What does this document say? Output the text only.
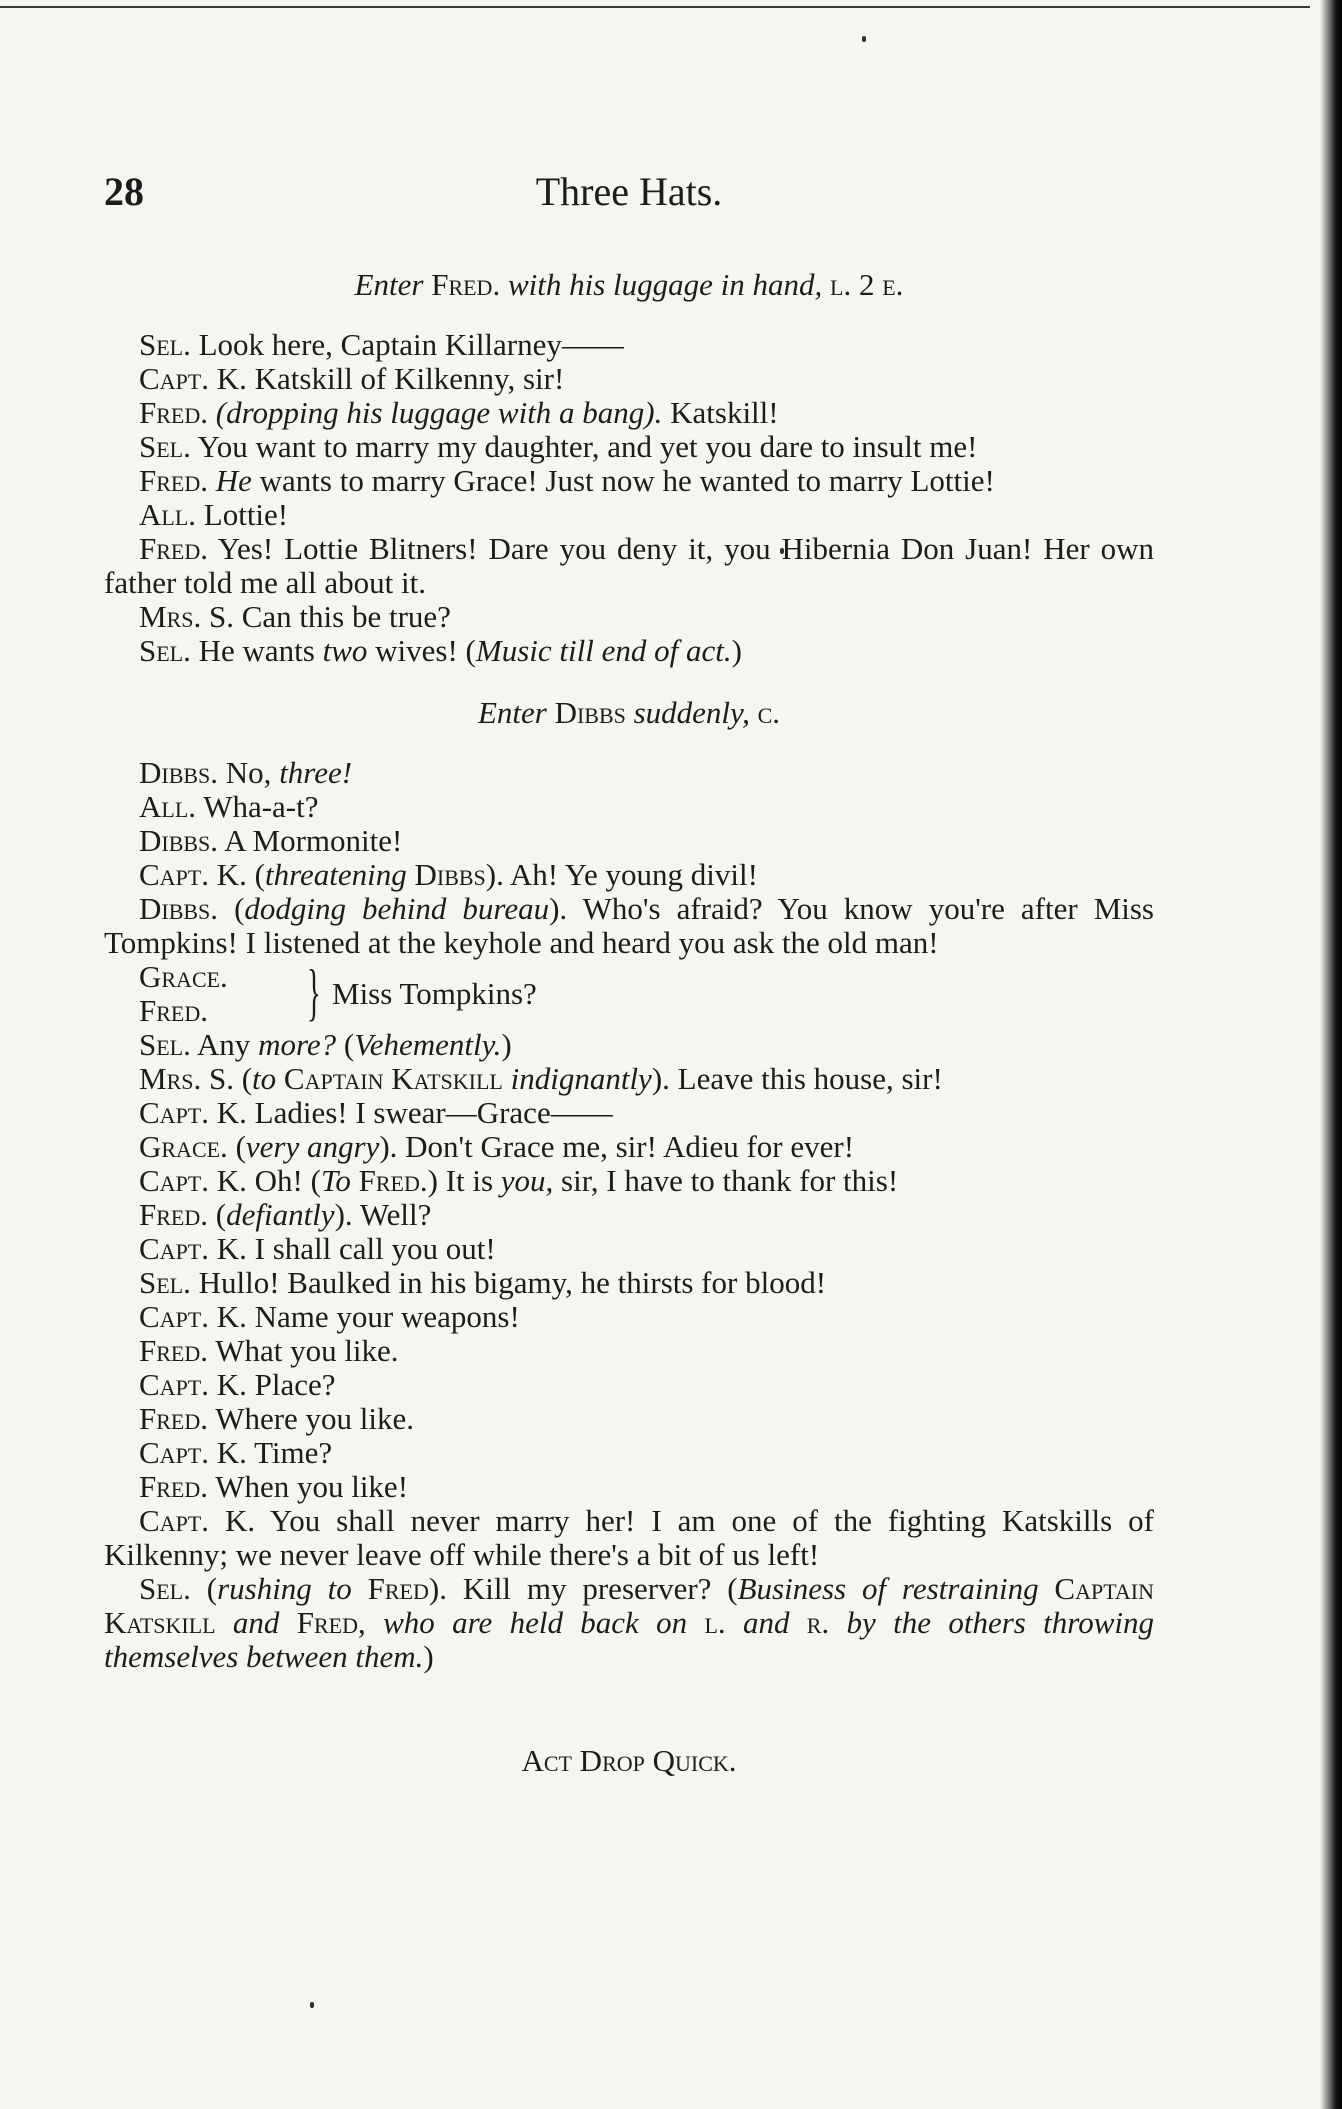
28	Three Hats.

Enter Fred. with his luggage in hand, l. 2 e.

Sel. Look here, Captain Killarney——

Capt. K. Katskill of Kilkenny, sir!

Fred. (dropping his luggage with a bang). Katskill!

Sel. You want to marry my daughter, and yet you dare to insult me!

Fred. He wants to marry Grace! Just now he wanted to marry Lottie!

All. Lottie!

Fred. Yes! Lottie Blitners! Dare you deny it, you Hibernia Don Juan! Her own father told me all about it.

Mrs. S. Can this be true?

Sel. He wants two wives! (Music till end of act.)

Enter Dibbs suddenly, c.

Dibbs. No, three!

All. Wha-a-t?

Dibbs. A Mormonite!

Capt. K. (threatening Dibbs). Ah! Ye young divil!

Dibbs. (dodging behind bureau). Who's afraid? You know you're after Miss Tompkins! I listened at the keyhole and heard you ask the old man!

Grace.
Fred.	} Miss Tompkins?

Sel. Any more? (Vehemently.)

Mrs. S. (to Captain Katskill indignantly). Leave this house, sir!

Capt. K. Ladies! I swear—Grace——

Grace. (very angry). Don't Grace me, sir! Adieu for ever!

Capt. K. Oh! (To Fred.) It is you, sir, I have to thank for this!

Fred. (defiantly). Well?

Capt. K. I shall call you out!

Sel. Hullo! Baulked in his bigamy, he thirsts for blood!

Capt. K. Name your weapons!

Fred. What you like.

Capt. K. Place?

Fred. Where you like.

Capt. K. Time?

Fred. When you like!

Capt. K. You shall never marry her! I am one of the fighting Katskills of Kilkenny; we never leave off while there's a bit of us left!

Sel. (rushing to Fred). Kill my preserver? (Business of restraining Captain Katskill and Fred, who are held back on l. and r. by the others throwing themselves between them.)

Act Drop Quick.
